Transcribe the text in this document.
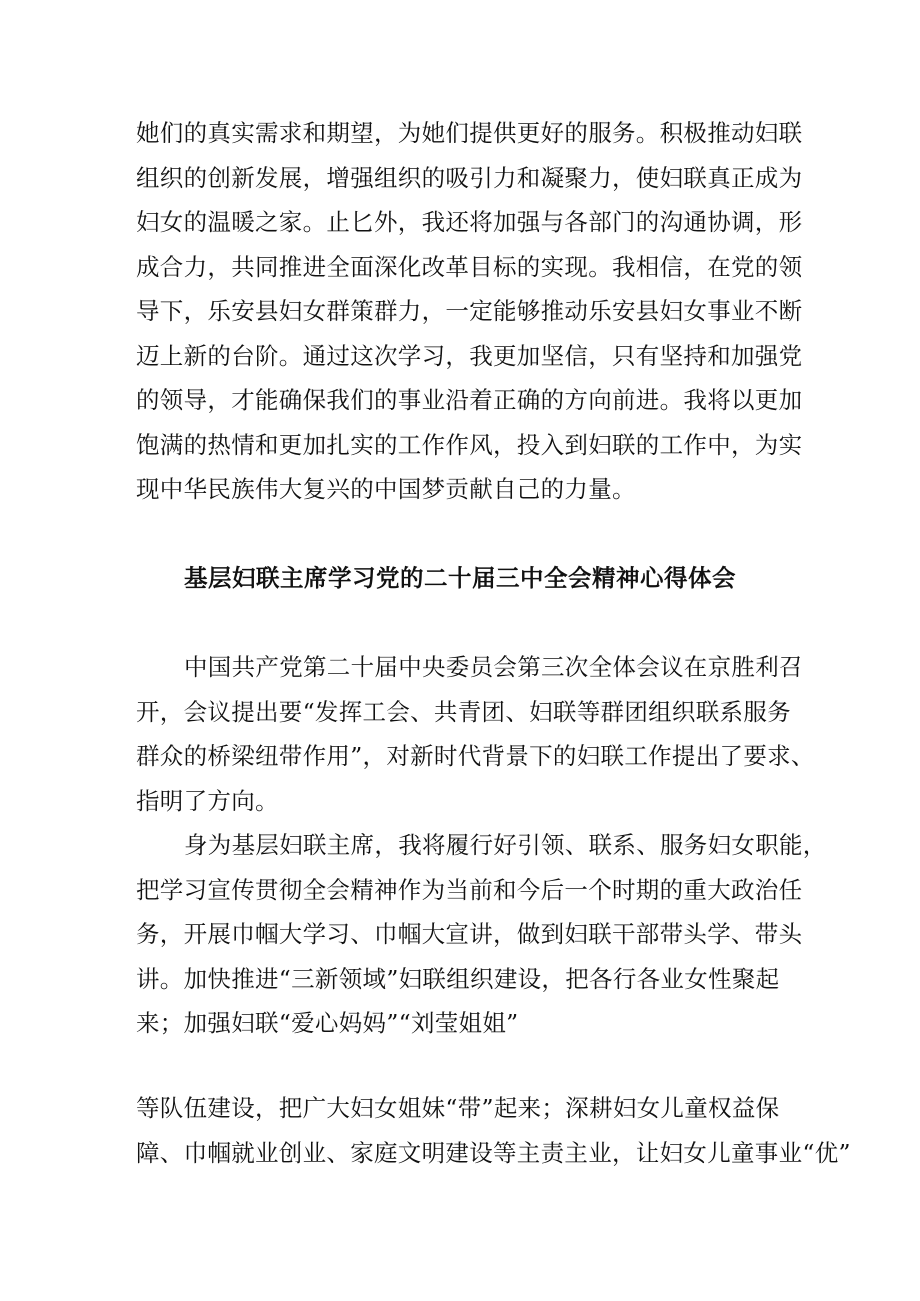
她们的真实需求和期望，为她们提供更好的服务。积极推动妇联
组织的创新发展，增强组织的吸引力和凝聚力，使妇联真正成为
妇女的温暖之家。止匕外，我还将加强与各部门的沟通协调，形
成合力，共同推进全面深化改革目标的实现。我相信，在党的领
导下，乐安县妇女群策群力，一定能够推动乐安县妇女事业不断
迈上新的台阶。通过这次学习，我更加坚信，只有坚持和加强党
的领导，才能确保我们的事业沿着正确的方向前进。我将以更加
饱满的热情和更加扎实的工作作风，投入到妇联的工作中，为实
现中华民族伟大复兴的中国梦贡献自己的力量。
基层妇联主席学习党的二十届三中全会精神心得体会
中国共产党第二十届中央委员会第三次全体会议在京胜利召
开，会议提出要“发挥工会、共青团、妇联等群团组织联系服务
群众的桥梁纽带作用”，对新时代背景下的妇联工作提出了要求、
指明了方向。
身为基层妇联主席，我将履行好引领、联系、服务妇女职能，
把学习宣传贯彻全会精神作为当前和今后一个时期的重大政治任
务，开展巾帼大学习、巾帼大宣讲，做到妇联干部带头学、带头
讲。加快推进“三新领域”妇联组织建设，把各行各业女性聚起
来；加强妇联“爱心妈妈”“刘莹姐姐”
等队伍建设，把广大妇女姐妹“带”起来；深耕妇女儿童权益保
障、巾帼就业创业、家庭文明建设等主责主业，让妇女儿童事业“优”
